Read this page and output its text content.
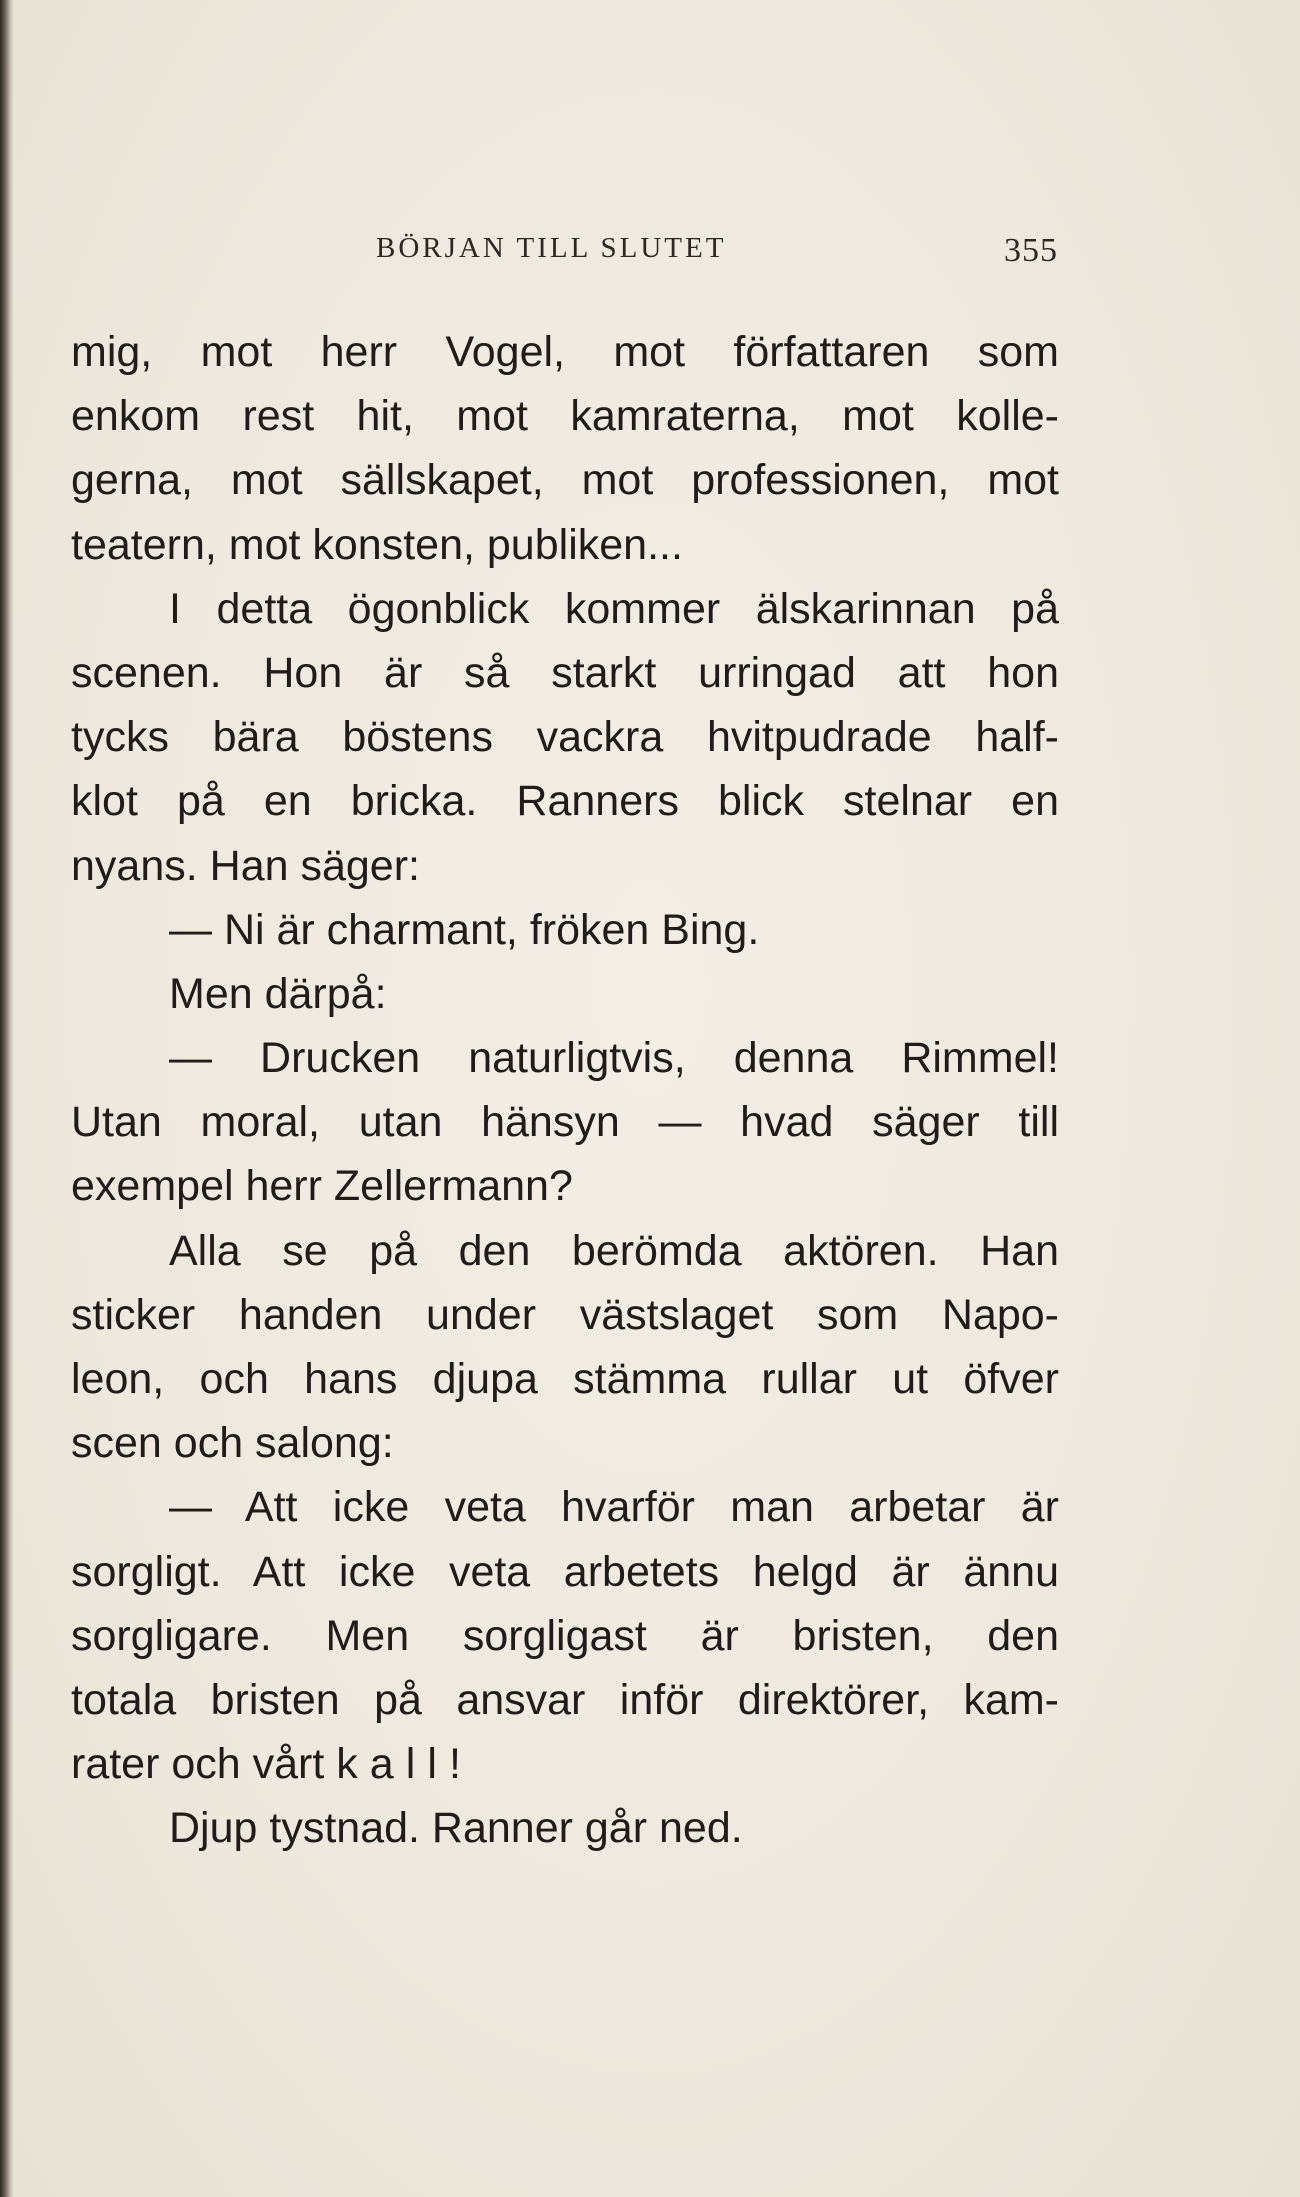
BÖRJAN TILL SLUTET	355
mig, mot herr Vogel, mot författaren som
enkom rest hit, mot kamraterna, mot kolle-
gerna, mot sällskapet, mot professionen, mot
teatern, mot konsten, publiken...
I detta ögonblick kommer älskarinnan på
scenen. Hon är så starkt urringad att hon
tycks bära böstens vackra hvitpudrade half-
klot på en bricka. Ranners blick stelnar en
nyans. Han säger:
— Ni är charmant, fröken Bing.
Men därpå:
— Drucken naturligtvis, denna Rimmel!
Utan moral, utan hänsyn — hvad säger till
exempel herr Zellermann?
Alla se på den berömda aktören. Han
sticker handen under västslaget som Napo-
leon, och hans djupa stämma rullar ut öfver
scen och salong:
— Att icke veta hvarför man arbetar är
sorgligt. Att icke veta arbetets helgd är ännu
sorgligare. Men sorgligast är bristen, den
totala bristen på ansvar inför direktörer, kam-
rater och vårt kall!
Djup tystnad. Ranner går ned.
